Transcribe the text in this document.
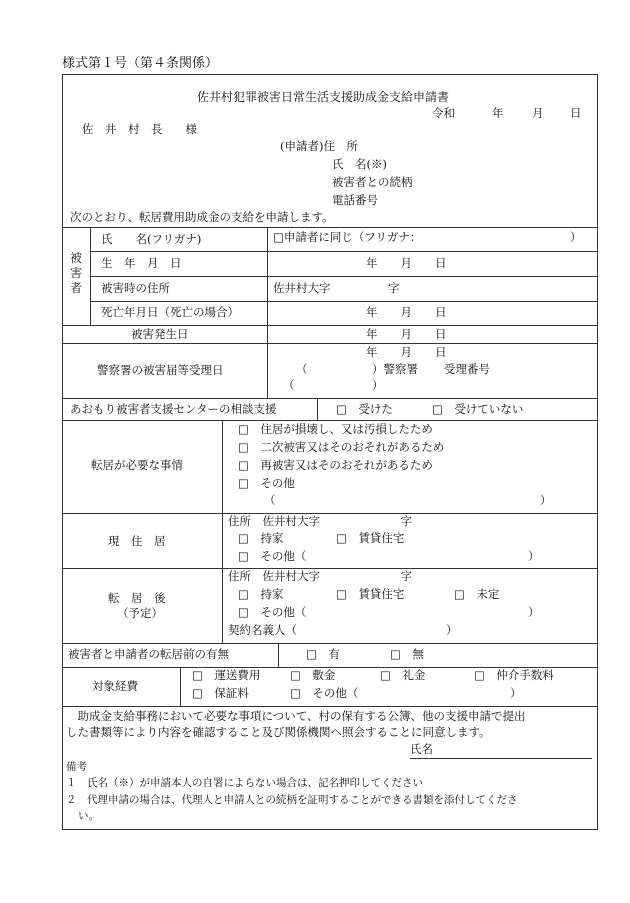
様式第１号（第４条関係）
佐井村犯罪被害日常生活支援助成金支給申請書
令和	年 月 日
佐　井　村　長　　様
(申請者)住　所
氏　名(※)
被害者との続柄
電話番号
次のとおり、転居費用助成金の支給を申請します。
被
害
者
氏　　名(フリガナ)	□申請者に同じ（フリガナ：	）
生　年　月　日	年　　月　　日
被害時の住所	佐井村大字　　　　　字
死亡年月日（死亡の場合）	年　　月　　日
被害発生日	年　　月　　日
警察署の被害届等受理日
年　　月　　日
（	）警察署 受理番号
（	）
あおもり被害者支援センターの相談支援	□　受けた	□　受けていない
転居が必要な事情
□　住居が損壊し、又は汚損したため
□　二次被害又はそのおそれがあるため
□　再被害又はそのおそれがあるため
□　その他
（	）
現　住　居
住所　佐井村大字　　　　　　　字
□　持家	□　賃貸住宅
□　その他（	）
転　居　後
（予定）
住所　佐井村大字　　　　　　　字
□　持家	□　賃貸住宅	□　未定
□　その他（	）
契約名義人（	）
被害者と申請者の転居前の有無	□　有	□　無
対象経費
□　運送費用	□　敷金	□　礼金	□　仲介手数料
□　保証料	□　その他（	）
　助成金支給事務において必要な事項について、村の保有する公簿、他の支援申請で提出
した書類等により内容を確認すること及び関係機関へ照会することに同意します。
氏名
備考
１　氏名（※）が申請本人の自署によらない場合は、記名押印してください
２　代理申請の場合は、代理人と申請人との続柄を証明することができる書類を添付してくださ
い。
